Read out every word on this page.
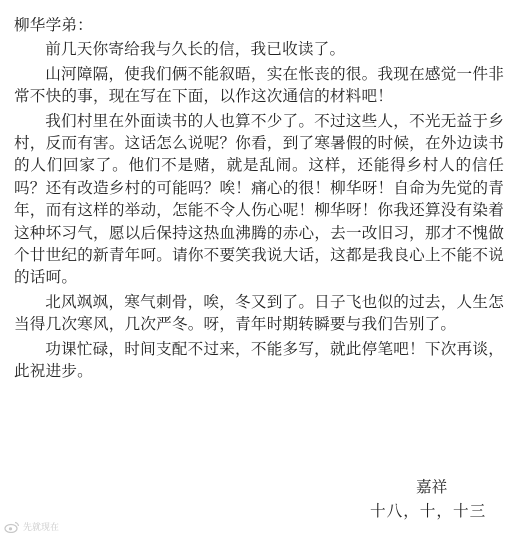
柳华学弟：

前几天你寄给我与久长的信，我已收读了。

山河障隔，使我们俩不能叙晤，实在怅丧的很。我现在感觉一件非常不快的事，现在写在下面，以作这次通信的材料吧！

我们村里在外面读书的人也算不少了。不过这些人，不光无益于乡村，反而有害。这话怎么说呢？你看，到了寒暑假的时候，在外边读书的人们回家了。他们不是赌，就是乱闹。这样，还能得乡村人的信任吗？还有改造乡村的可能吗？唉！痛心的很！柳华呀！自命为先觉的青年，而有这样的举动，怎能不令人伤心呢！柳华呀！你我还算没有染着这种坏习气，愿以后保持这热血沸腾的赤心，去一改旧习，那才不愧做个廿世纪的新青年呵。请你不要笑我说大话，这都是我良心上不能不说的话呵。

北风飒飒，寒气刺骨，唉，冬又到了。日子飞也似的过去，人生怎当得几次寒风，几次严冬。呀，青年时期转瞬要与我们告别了。

功课忙碌，时间支配不过来，不能多写，就此停笔吧！下次再谈，此祝进步。

嘉祥
十八，十，十三
先就现在
